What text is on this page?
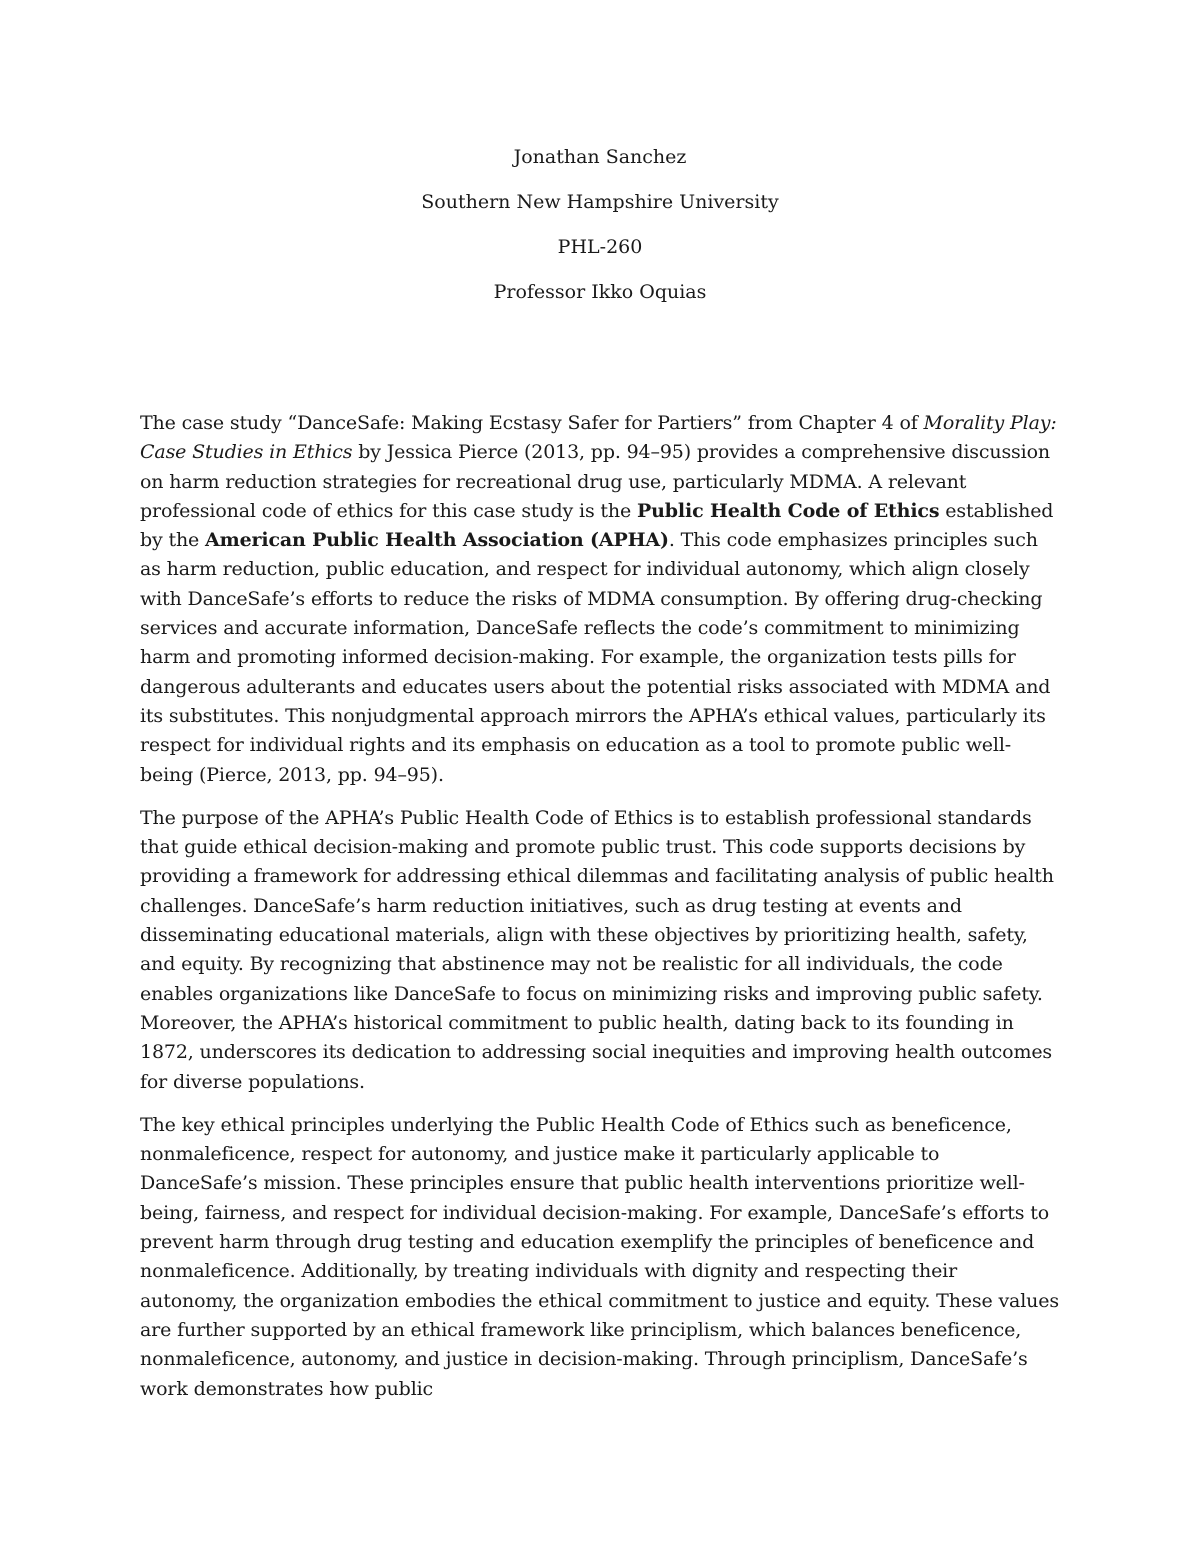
Jonathan Sanchez

Southern New Hampshire University

PHL-260

Professor Ikko Oquias

The case study “DanceSafe: Making Ecstasy Safer for Partiers” from Chapter 4 of Morality Play: Case Studies in Ethics by Jessica Pierce (2013, pp. 94–95) provides a comprehensive discussion on harm reduction strategies for recreational drug use, particularly MDMA. A relevant professional code of ethics for this case study is the Public Health Code of Ethics established by the American Public Health Association (APHA). This code emphasizes principles such as harm reduction, public education, and respect for individual autonomy, which align closely with DanceSafe’s efforts to reduce the risks of MDMA consumption. By offering drug-checking services and accurate information, DanceSafe reflects the code’s commitment to minimizing harm and promoting informed decision-making. For example, the organization tests pills for dangerous adulterants and educates users about the potential risks associated with MDMA and its substitutes. This nonjudgmental approach mirrors the APHA’s ethical values, particularly its respect for individual rights and its emphasis on education as a tool to promote public well-being (Pierce, 2013, pp. 94–95).

The purpose of the APHA’s Public Health Code of Ethics is to establish professional standards that guide ethical decision-making and promote public trust. This code supports decisions by providing a framework for addressing ethical dilemmas and facilitating analysis of public health challenges. DanceSafe’s harm reduction initiatives, such as drug testing at events and disseminating educational materials, align with these objectives by prioritizing health, safety, and equity. By recognizing that abstinence may not be realistic for all individuals, the code enables organizations like DanceSafe to focus on minimizing risks and improving public safety. Moreover, the APHA’s historical commitment to public health, dating back to its founding in 1872, underscores its dedication to addressing social inequities and improving health outcomes for diverse populations.

The key ethical principles underlying the Public Health Code of Ethics such as beneficence, nonmaleficence, respect for autonomy, and justice make it particularly applicable to DanceSafe’s mission. These principles ensure that public health interventions prioritize well-being, fairness, and respect for individual decision-making. For example, DanceSafe’s efforts to prevent harm through drug testing and education exemplify the principles of beneficence and nonmaleficence. Additionally, by treating individuals with dignity and respecting their autonomy, the organization embodies the ethical commitment to justice and equity. These values are further supported by an ethical framework like principlism, which balances beneficence, nonmaleficence, autonomy, and justice in decision-making. Through principlism, DanceSafe’s work demonstrates how public
